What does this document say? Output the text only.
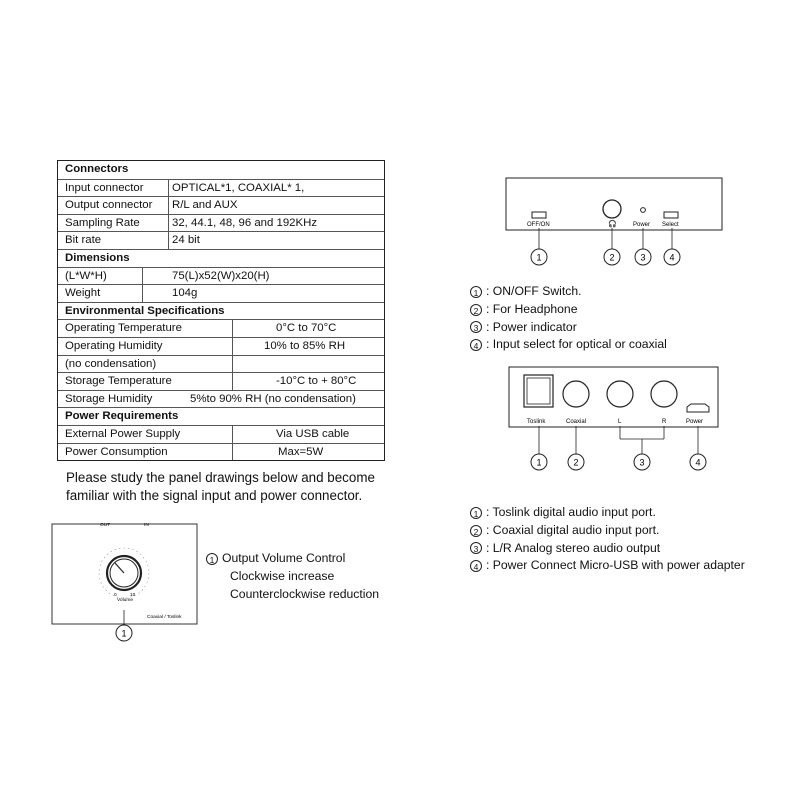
Connectors
Input connector OPTICAL*1, COAXIAL* 1,
Output connector R/L and AUX
Sampling Rate	32, 44.1, 48, 96 and 192KHz
Bit rate	24 bit
Dimensions
(L*W*H)	75(L)x52(W)x20(H)
Weight	104g
Environmental Specifications
Operating Temperature	0°C to 70°C
Operating Humidity	10% to 85% RH
(no condensation)
Storage Temperature	-10°C to + 80°C
Storage Humidity	5%to 90% RH (no condensation)
Power Requirements
External Power Supply	Via USB cable
Power Consumption	Max=5W
Please study the panel drawings below and become familiar with the signal input and power connector.
OUT	IN
0	10
Volume
Coaxial / Toslink
1
1 Output Volume Control
Clockwise increase
Counterclockwise reduction
OFF/ON	🎧	Power Select
1	2	3	4
1 : ON/OFF Switch.
2 : For Headphone
3 : Power indicator
4 : Input select for optical or coaxial
Toslink	Coaxial	L	R	Power
1	2	3	4
1 : Toslink digital audio input port.
2 : Coaxial digital audio input port.
3 : L/R Analog stereo audio output
4 : Power Connect Micro-USB with power adapter
